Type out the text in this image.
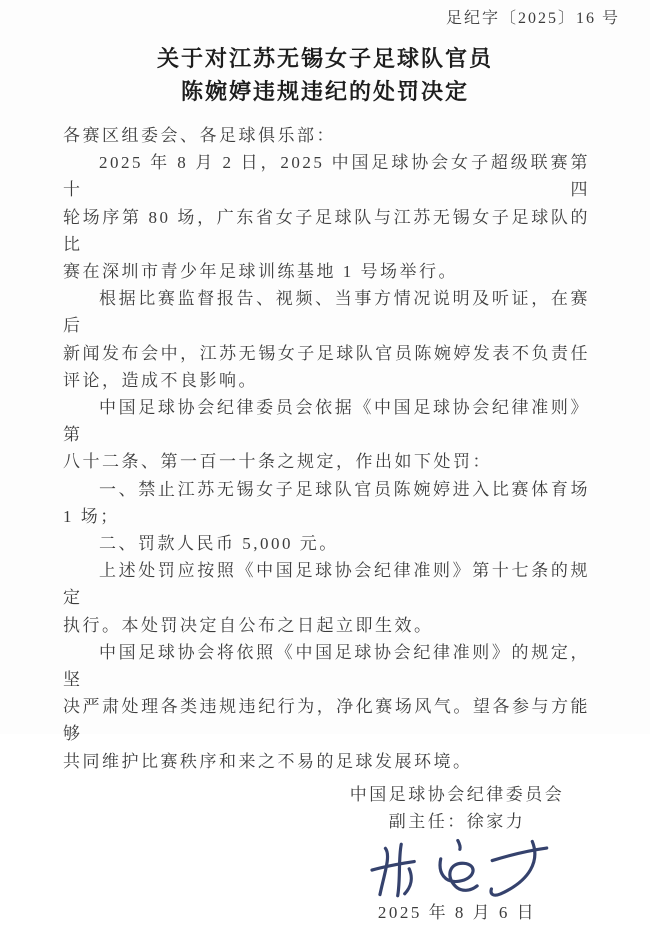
足纪字〔2025〕16 号
关于对江苏无锡女子足球队官员
陈婉婷违规违纪的处罚决定
各赛区组委会、各足球俱乐部：
2025 年 8 月 2 日，2025 中国足球协会女子超级联赛第十四
轮场序第 80 场，广东省女子足球队与江苏无锡女子足球队的比
赛在深圳市青少年足球训练基地 1 号场举行。
根据比赛监督报告、视频、当事方情况说明及听证，在赛后
新闻发布会中，江苏无锡女子足球队官员陈婉婷发表不负责任
评论，造成不良影响。
中国足球协会纪律委员会依据《中国足球协会纪律准则》第
八十二条、第一百一十条之规定，作出如下处罚：
一、禁止江苏无锡女子足球队官员陈婉婷进入比赛体育场
1 场；
二、罚款人民币 5,000 元。
上述处罚应按照《中国足球协会纪律准则》第十七条的规定
执行。本处罚决定自公布之日起立即生效。
中国足球协会将依照《中国足球协会纪律准则》的规定，坚
决严肃处理各类违规违纪行为，净化赛场风气。望各参与方能够
共同维护比赛秩序和来之不易的足球发展环境。
中国足球协会纪律委员会
副主任：徐家力
2025 年 8 月 6 日
